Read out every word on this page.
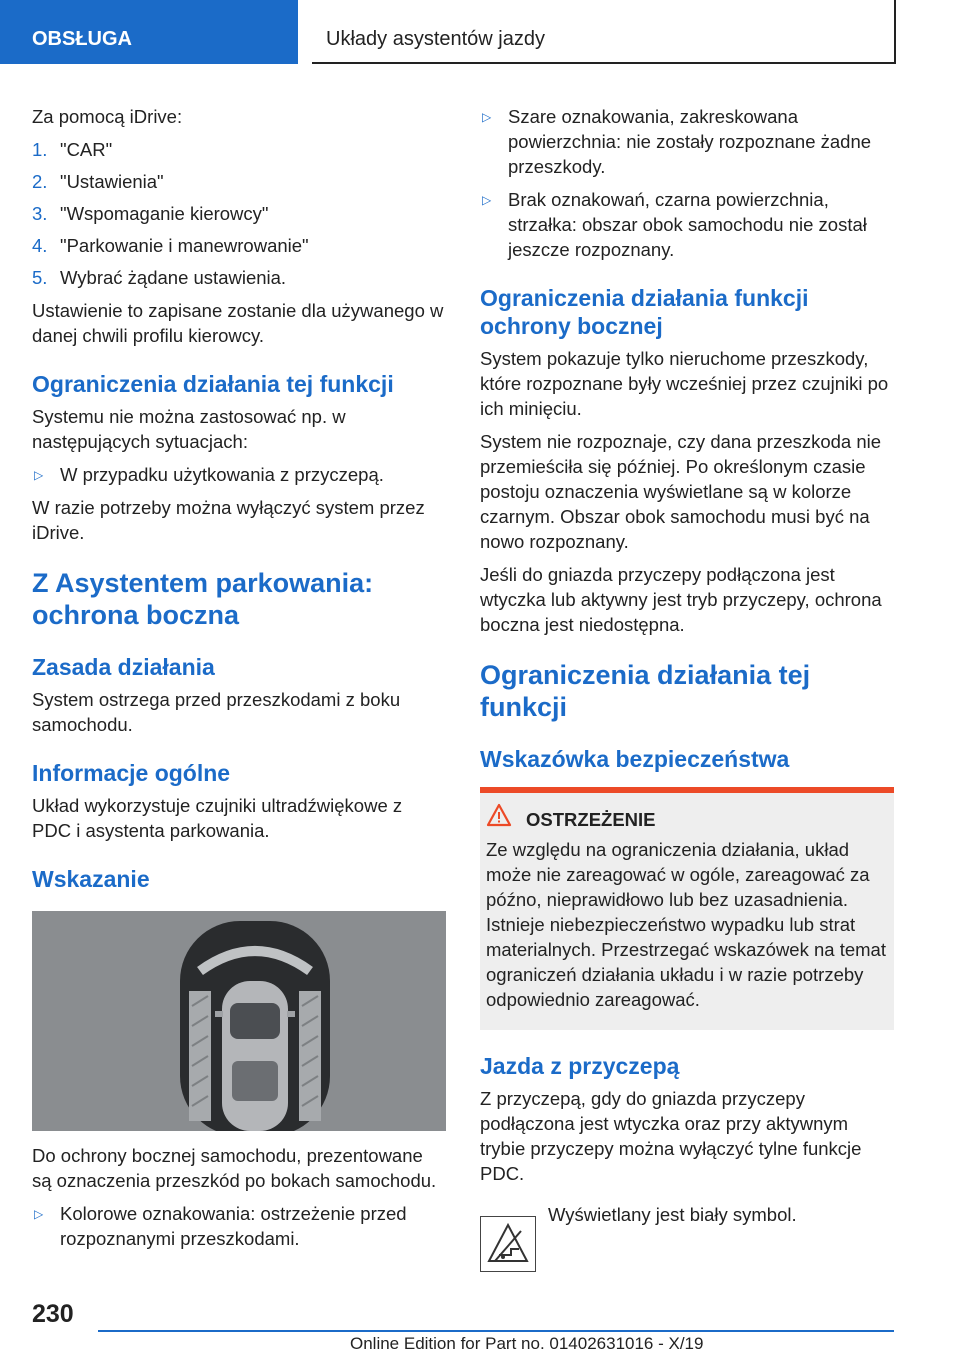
OBSŁUGA	Układy asystentów jazdy

Za pomocą iDrive:

1. "CAR"
2. "Ustawienia"
3. "Wspomaganie kierowcy"
4. "Parkowanie i manewrowanie"
5. Wybrać żądane ustawienia.

Ustawienie to zapisane zostanie dla używanego w danej chwili profilu kierowcy.

Ograniczenia działania tej funkcji

Systemu nie można zastosować np. w następujących sytuacjach:

▷ W przypadku użytkowania z przyczepą.

W razie potrzeby można wyłączyć system przez iDrive.

Z Asystentem parkowania: ochrona boczna
Zasada działania

System ostrzega przed przeszkodami z boku samochodu.

Informacje ogólne

Układ wykorzystuje czujniki ultradźwiękowe z PDC i asystenta parkowania.

Wskazanie

Do ochrony bocznej samochodu, prezentowane są oznaczenia przeszkód po bokach samochodu.

▷ Kolorowe oznakowania: ostrzeżenie przed rozpoznanymi przeszkodami.
▷ Szare oznakowania, zakreskowana powierzchnia: nie zostały rozpoznane żadne przeszkody.
▷ Brak oznakowań, czarna powierzchnia, strzałka: obszar obok samochodu nie został jeszcze rozpoznany.
Ograniczenia działania funkcji ochrony bocznej

System pokazuje tylko nieruchome przeszkody, które rozpoznane były wcześniej przez czujniki po ich minięciu.

System nie rozpoznaje, czy dana przeszkoda nie przemieściła się później. Po określonym czasie postoju oznaczenia wyświetlane są w kolorze czarnym. Obszar obok samochodu musi być na nowo rozpoznany.

Jeśli do gniazda przyczepy podłączona jest wtyczka lub aktywny jest tryb przyczepy, ochrona boczna jest niedostępna.

Ograniczenia działania tej funkcji
Wskazówka bezpieczeństwa
OSTRZEŻENIE

Ze względu na ograniczenia działania, układ może nie zareagować w ogóle, zareagować za późno, nieprawidłowo lub bez uzasadnienia. Istnieje niebezpieczeństwo wypadku lub strat materialnych. Przestrzegać wskazówek na temat ograniczeń działania układu i w razie potrzeby odpowiednio zareagować.

Jazda z przyczepą

Z przyczepą, gdy do gniazda przyczepy podłączona jest wtyczka oraz przy aktywnym trybie przyczepy można wyłączyć tylne funkcje PDC.

Wyświetlany jest biały symbol.
230
Online Edition for Part no. 01402631016 - X/19
